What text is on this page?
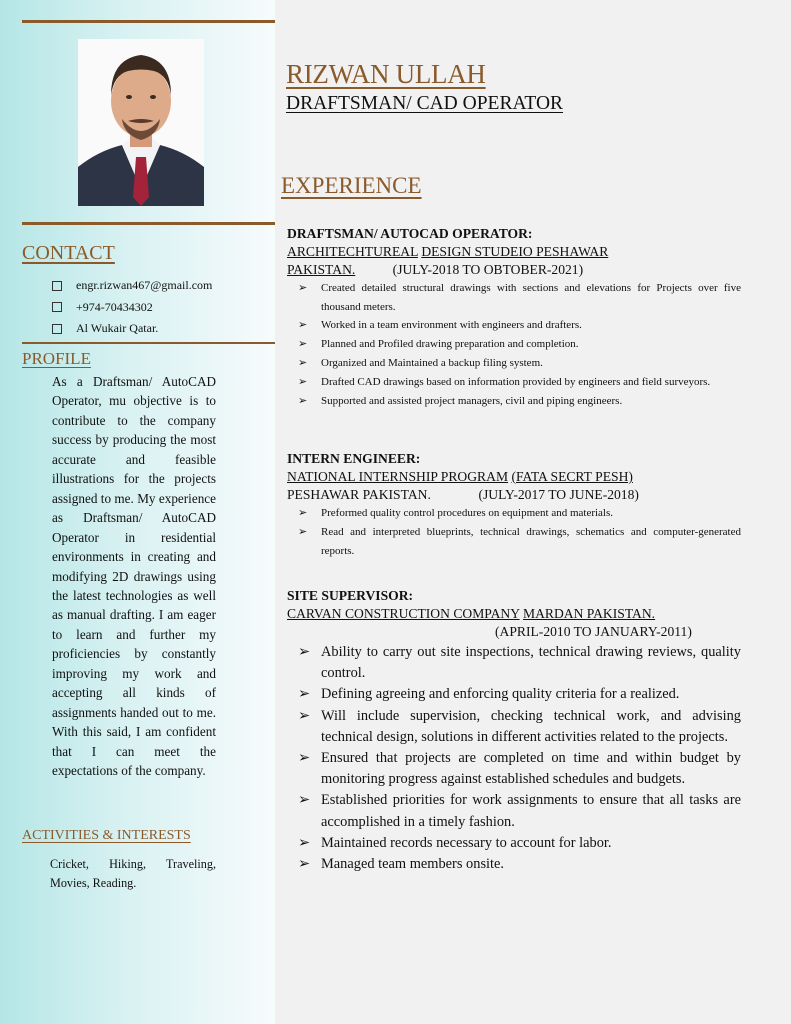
CONTACT
engr.rizwan467@gmail.com
+974-70434302
Al Wukair Qatar.
PROFILE
As a Draftsman/ AutoCAD Operator, mu objective is to contribute to the company success by producing the most accurate and feasible illustrations for the projects assigned to me. My experience as Draftsman/ AutoCAD Operator in residential environments in creating and modifying 2D drawings using the latest technologies as well as manual drafting. I am eager to learn and further my proficiencies by constantly improving my work and accepting all kinds of assignments handed out to me. With this said, I am confident that I can meet the expectations of the company.
ACTIVITIES & INTERESTS
Cricket, Hiking, Traveling, Movies, Reading.
RIZWAN ULLAH
DRAFTSMAN/ CAD OPERATOR
EXPERIENCE
DRAFTSMAN/ AUTOCAD OPERATOR:
ARCHITECHTUREAL DESIGN STUDEIO PESHAWAR
PAKISTAN.	(JULY-2018 TO OBTOBER-2021)
➢ Created detailed structural drawings with sections and elevations for Projects over five thousand meters.
➢ Worked in a team environment with engineers and drafters.
➢ Planned and Profiled drawing preparation and completion.
➢ Organized and Maintained a backup filing system.
➢ Drafted CAD drawings based on information provided by engineers and field surveyors.
➢ Supported and assisted project managers, civil and piping engineers.
INTERN ENGINEER:
NATIONAL INTERNSHIP PROGRAM (FATA SECRT PESH)
PESHAWAR PAKISTAN.	(JULY-2017 TO JUNE-2018)
➢ Preformed quality control procedures on equipment and materials.
➢ Read and interpreted blueprints, technical drawings, schematics and computer-generated reports.
SITE SUPERVISOR:
CARVAN CONSTRUCTION COMPANY MARDAN PAKISTAN.
(APRIL-2010 TO JANUARY-2011)
➢ Ability to carry out site inspections, technical drawing reviews, quality control.
➢ Defining agreeing and enforcing quality criteria for a realized.
➢ Will include supervision, checking technical work, and advising technical design, solutions in different activities related to the projects.
➢ Ensured that projects are completed on time and within budget by monitoring progress against established schedules and budgets.
➢ Established priorities for work assignments to ensure that all tasks are accomplished in a timely fashion.
➢ Maintained records necessary to account for labor.
➢ Managed team members onsite.
